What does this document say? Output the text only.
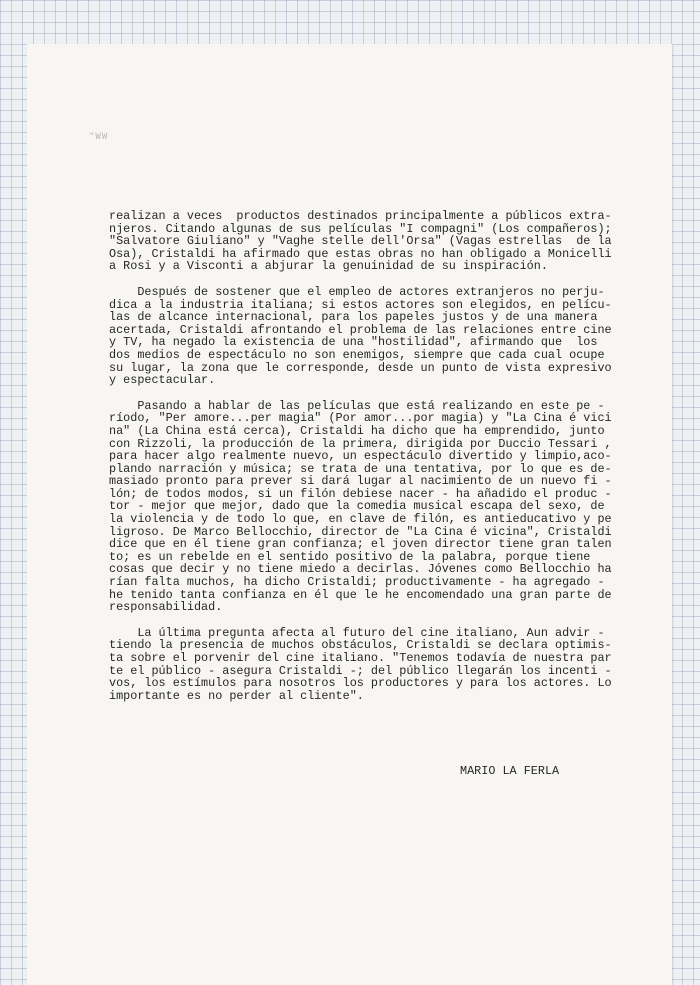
"WW
realizan a veces  productos destinados principalmente a públicos extra-
njeros. Citando algunas de sus películas "I compagni" (Los compañeros);
"Salvatore Giuliano" y "Vaghe stelle dell'Orsa" (Vagas estrellas  de la
Osa), Cristaldi ha afirmado que estas obras no han obligado a Monicelli
a Rosi y a Visconti a abjurar la genuinidad de su inspiración.
Después de sostener que el empleo de actores extranjeros no perju-
dica a la industria italiana; si estos actores son elegidos, en pelícu-
las de alcance internacional, para los papeles justos y de una manera
acertada, Cristaldi afrontando el problema de las relaciones entre cine
y TV, ha negado la existencia de una "hostilidad", afirmando que  los
dos medios de espectáculo no son enemigos, siempre que cada cual ocupe
su lugar, la zona que le corresponde, desde un punto de vista expresivo
y espectacular.
Pasando a hablar de las películas que está realizando en este pe -
ríodo, "Per amore...per magia" (Por amor...por magia) y "La Cina é vici
na" (La China está cerca), Cristaldi ha dicho que ha emprendido, junto
con Rizzoli, la producción de la primera, dirigida por Duccio Tessari ,
para hacer algo realmente nuevo, un espectáculo divertido y limpio,aco-
plando narración y música; se trata de una tentativa, por lo que es de-
masiado pronto para prever si dará lugar al nacimiento de un nuevo fi -
lón; de todos modos, si un filón debiese nacer - ha añadido el produc -
tor - mejor que mejor, dado que la comedia musical escapa del sexo, de
la violencia y de todo lo que, en clave de filón, es antieducativo y pe
ligroso. De Marco Bellocchio, director de "La Cina é vicina", Cristaldi
dice que en él tiene gran confianza; el joven director tiene gran talen
to; es un rebelde en el sentido positivo de la palabra, porque tiene
cosas que decir y no tiene miedo a decirlas. Jóvenes como Bellocchio ha
rían falta muchos, ha dicho Cristaldi; productivamente - ha agregado -
he tenido tanta confianza en él que le he encomendado una gran parte de
responsabilidad.
La última pregunta afecta al futuro del cine italiano, Aun advir -
tiendo la presencia de muchos obstáculos, Cristaldi se declara optimis-
ta sobre el porvenir del cine italiano. "Tenemos todavía de nuestra par
te el público - asegura Cristaldi -; del público llegarán los incenti -
vos, los estímulos para nosotros los productores y para los actores. Lo
importante es no perder al cliente".
MARIO LA FERLA
